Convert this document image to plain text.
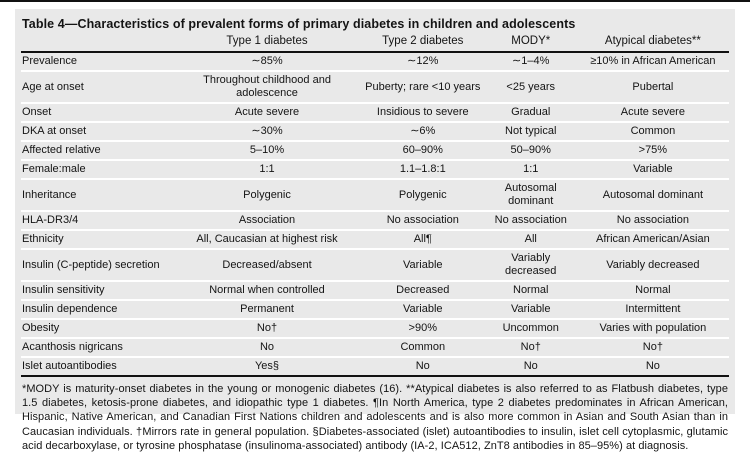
Table 4—Characteristics of prevalent forms of primary diabetes in children and adolescents
	Type 1 diabetes	Type 2 diabetes	MODY*	Atypical diabetes**
Prevalence	∼85%	∼12%	∼1–4%	≥10% in African American
Age at onset	Throughout childhood and adolescence	Puberty; rare <10 years	<25 years	Pubertal
Onset	Acute severe	Insidious to severe	Gradual	Acute severe
DKA at onset	∼30%	∼6%	Not typical	Common
Affected relative	5–10%	60–90%	50–90%	>75%
Female:male	1:1	1.1–1.8:1	1:1	Variable
Inheritance	Polygenic	Polygenic	Autosomal dominant	Autosomal dominant
HLA-DR3/4	Association	No association	No association	No association
Ethnicity	All, Caucasian at highest risk	All¶	All	African American/Asian
Insulin (C-peptide) secretion	Decreased/absent	Variable	Variably decreased	Variably decreased
Insulin sensitivity	Normal when controlled	Decreased	Normal	Normal
Insulin dependence	Permanent	Variable	Variable	Intermittent
Obesity	No†	>90%	Uncommon	Varies with population
Acanthosis nigricans	No	Common	No†	No†
Islet autoantibodies	Yes§	No	No	No
*MODY is maturity-onset diabetes in the young or monogenic diabetes (16). **Atypical diabetes is also referred to as Flatbush diabetes, type 1.5 diabetes, ketosis-prone diabetes, and idiopathic type 1 diabetes. ¶In North America, type 2 diabetes predominates in African American, Hispanic, Native American, and Canadian First Nations children and adolescents and is also more common in Asian and South Asian than in Caucasian individuals. †Mirrors rate in general population. §Diabetes-associated (islet) autoantibodies to insulin, islet cell cytoplasmic, glutamic acid decarboxylase, or tyrosine phosphatase (insulinoma-associated) antibody (IA-2, ICA512, ZnT8 antibodies in 85–95%) at diagnosis.
